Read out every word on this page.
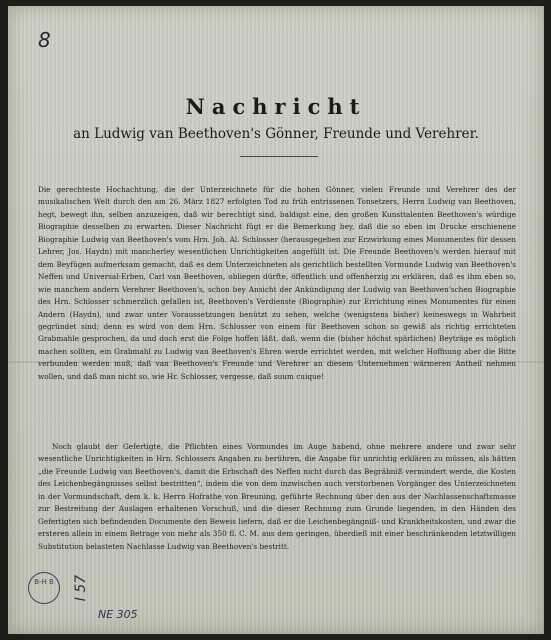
8
Nachricht
an Ludwig van Beethoven's Gönner, Freunde und Verehrer.

Die gerechteste Hochachtung, die der Unterzeichnete für die hohen Gönner, vielen Freunde und Verehrer des der musikalischen Welt durch den am 26. März 1827 erfolgten Tod zu früh entrissenen Tonsetzers, Herrn Ludwig van Beethoven, hegt, bewegt ihn, selben anzuzeigen, daß wir berechtigt sind, baldigst eine, den großen Kunsttalenten Beethoven's würdige Biographie desselben zu erwarten. Dieser Nachricht fügt er die Bemerkung bey, daß die so eben im Drucke erschienene Biographie Ludwig van Beethoven's vom Hrn. Joh. Al. Schlosser (herausgegeben zur Erzwirkung eines Monumentes für dessen Lehrer, Jos. Haydn) mit mancherley wesentlichen Unrichtigkeiten angefüllt ist. Die Freunde Beethoven's werden hierauf mit dem Beyfügen aufmerksam gemacht, daß es dem Unterzeichneten als gerichtlich bestellten Vormunde Ludwig van Beethoven's Neffen und Universal-Erben, Carl van Beethoven, obliegen dürfte, öffentlich und offenherzig zu erklären, daß es ihm eben so, wie manchem andern Verehrer Beethoven's, schon bey Ansicht der Ankündigung der Ludwig van Beethoven'schen Biographie des Hrn. Schlosser schmerzlich gefallen ist, Beethoven's Verdienste (Biographie) zur Errichtung eines Monumentes für einen Andern (Haydn), und zwar unter Voraussetzungen benützt zu sehen, welche (wenigstens bisher) keineswegs in Wahrheit gegründet sind; denn es wird von dem Hrn. Schlosser von einem für Beethoven schon so gewiß als richtig errichteten Grabmahle gesprochen, da und doch erst die Folge hoffen läßt, daß, wenn die (bisher höchst spärlichen) Beyträge es möglich machen sollten, ein Grabmahl zu Ludwig van Beethoven's Ehren werde errichtet werden, mit welcher Hoffnung aber die Bitte verbunden werden muß, daß van Beethoven's Freunde und Verehrer an diesem Unternehmen wärmeren Antheil nehmen wollen, und daß man nicht so, wie Hr. Schlosser, vergesse, daß suum cuique!

Noch glaubt der Gefertigte, die Pflichten eines Vormundes im Auge habend, ohne mehrere andere und zwar sehr wesentliche Unrichtigkeiten in Hrn. Schlossers Angaben zu berühren, die Angabe für unrichtig erklären zu müssen, als hätten „die Freunde Ludwig van Beethoven's, damit die Erbschaft des Neffen nicht durch das Begräbniß vermindert werde, die Kosten des Leichenbegängnisses selbst bestritten“, indem die von dem inzwischen auch verstorbenen Vorgänger des Unterzeichneten in der Vormundschaft, dem k. k. Herrn Hofrathe von Breuning, geführte Rechnung über den aus der Nachlassenschaftsmasse zur Bestreitung der Auslagen erhaltenen Vorschuß, und die dieser Rechnung zum Grunde liegenden, in den Händen des Gefertigten sich befindenden Documente den Beweis liefern, daß er die Leichenbegängniß- und Krankheitskosten, und zwar die ersteren allein in einem Betrage von mehr als 350 fl. C. M. aus dem geringen, überdieß mit einer beschränkenden letztwilligen Substitution belasteten Nachlasse Ludwig van Beethoven's bestritt.

B-H B	I 57
NE 305
